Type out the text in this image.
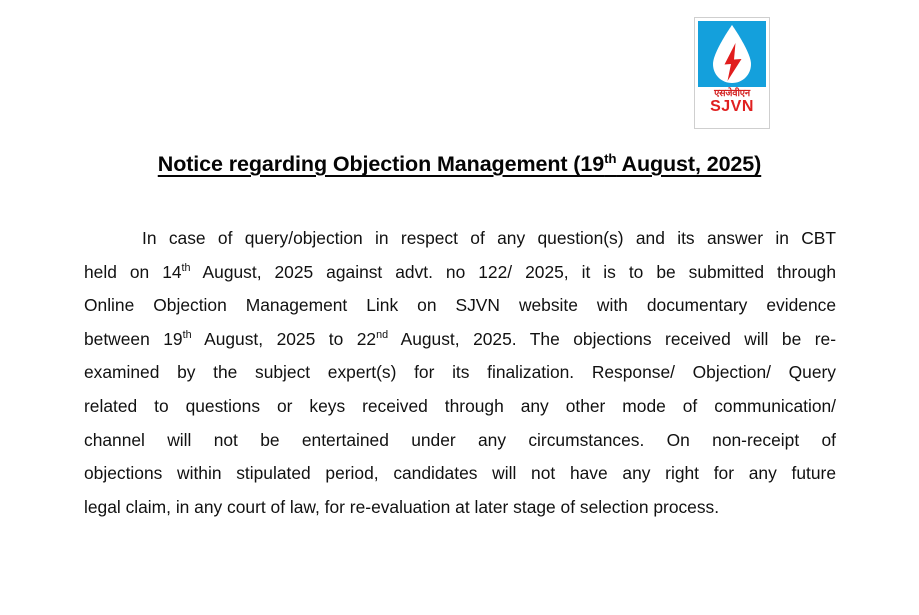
एसजेवीएन
SJVN
Notice regarding Objection Management (19th August, 2025)

In case of query/objection in respect of any question(s) and its answer in CBT
held on 14th August, 2025 against advt. no 122/ 2025, it is to be submitted through
Online Objection Management Link on SJVN website with documentary evidence
between 19th August, 2025 to 22nd August, 2025. The objections received will be re-
examined by the subject expert(s) for its finalization. Response/ Objection/ Query
related to questions or keys received through any other mode of communication/
channel will not be entertained under any circumstances. On non-receipt of
objections within stipulated period, candidates will not have any right for any future
legal claim, in any court of law, for re-evaluation at later stage of selection process.
